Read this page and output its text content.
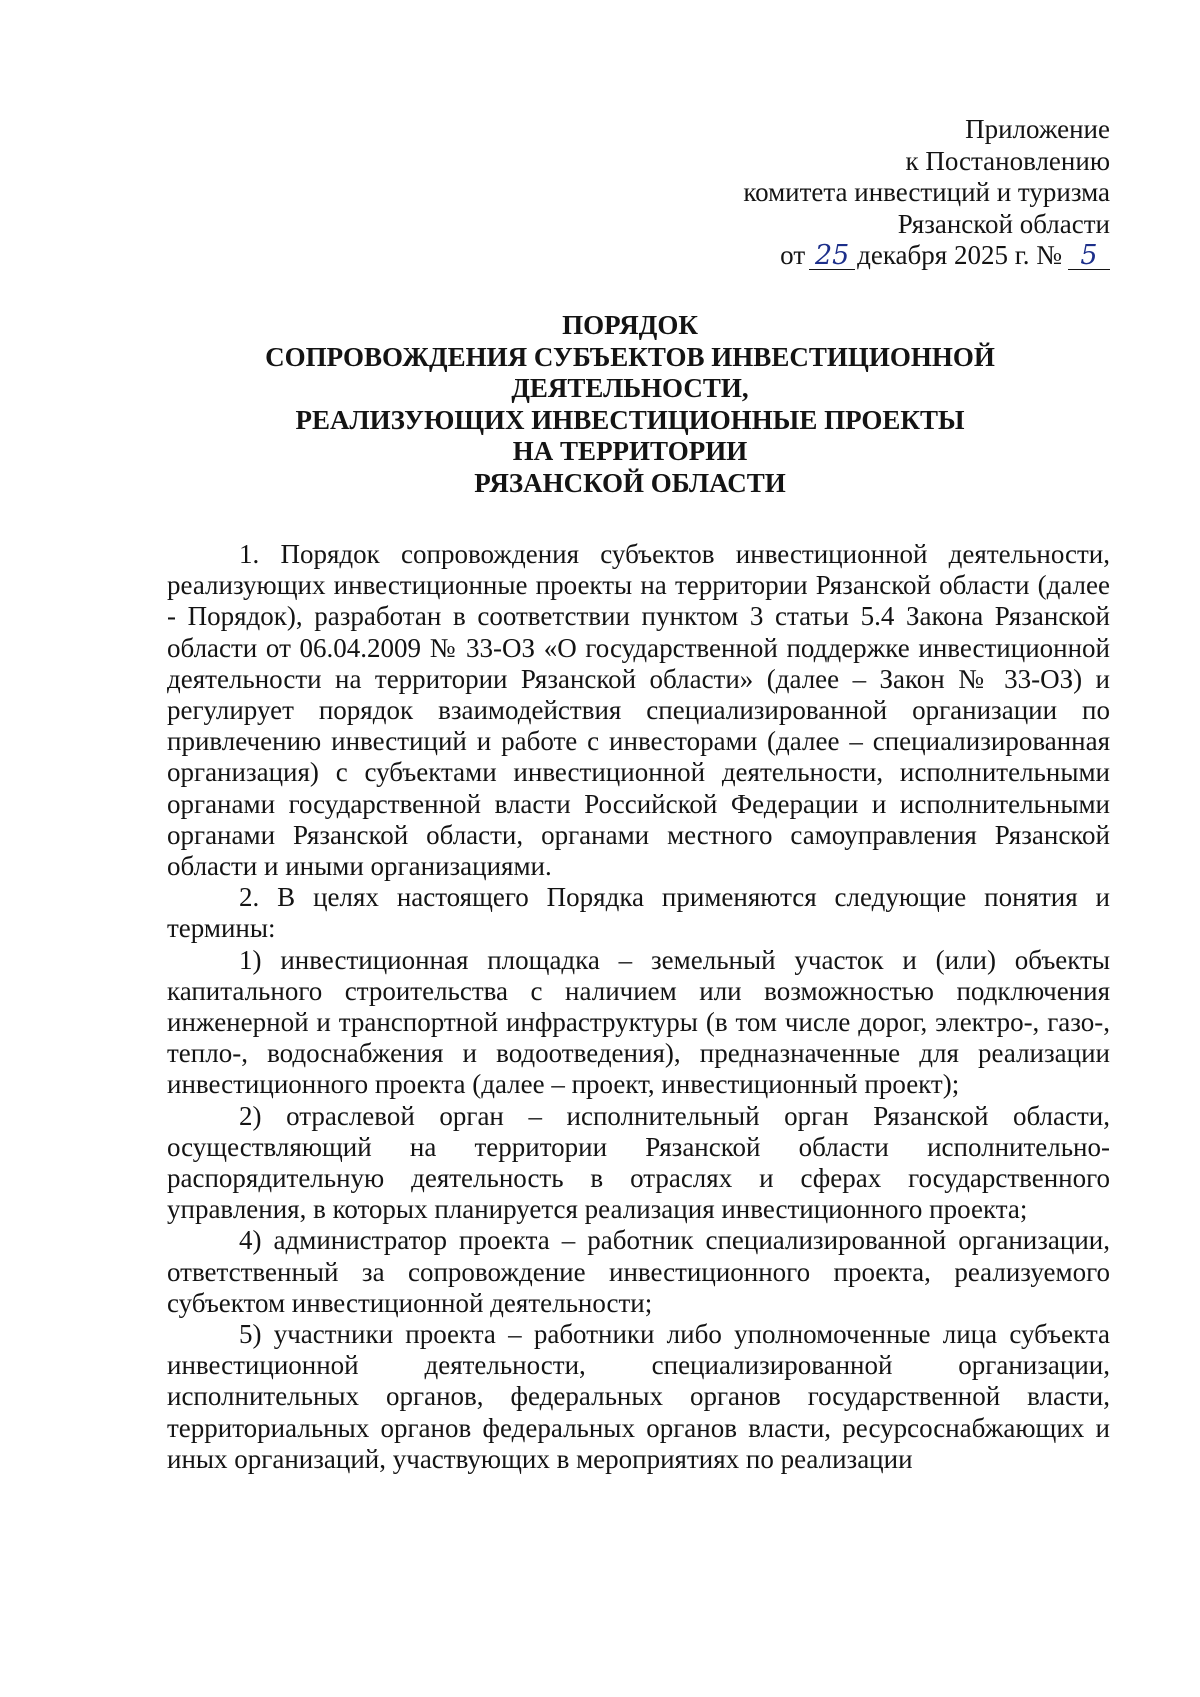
Приложение
к Постановлению
комитета инвестиций и туризма
Рязанской области
от 25 декабря 2025 г. № 5
ПОРЯДОК
СОПРОВОЖДЕНИЯ СУБЪЕКТОВ ИНВЕСТИЦИОННОЙ
ДЕЯТЕЛЬНОСТИ,
РЕАЛИЗУЮЩИХ ИНВЕСТИЦИОННЫЕ ПРОЕКТЫ
НА ТЕРРИТОРИИ
РЯЗАНСКОЙ ОБЛАСТИ

1. Порядок сопровождения субъектов инвестиционной деятельности, реализующих инвестиционные проекты на территории Рязанской области (далее - Порядок), разработан в соответствии пунктом 3 статьи 5.4 Закона Рязанской области от 06.04.2009 № 33-ОЗ «О государственной поддержке инвестиционной деятельности на территории Рязанской области» (далее – Закон № 33-ОЗ) и регулирует порядок взаимодействия специализированной организации по привлечению инвестиций и работе с инвесторами (далее – специализированная организация) с субъектами инвестиционной деятельности, исполнительными органами государственной власти Российской Федерации и исполнительными органами Рязанской области, органами местного самоуправления Рязанской области и иными организациями.

2. В целях настоящего Порядка применяются следующие понятия и термины:

1) инвестиционная площадка – земельный участок и (или) объекты капитального строительства с наличием или возможностью подключения инженерной и транспортной инфраструктуры (в том числе дорог, электро-, газо-, тепло-, водоснабжения и водоотведения), предназначенные для реализации инвестиционного проекта (далее – проект, инвестиционный проект);

2) отраслевой орган – исполнительный орган Рязанской области, осуществляющий на территории Рязанской области исполнительно-распорядительную деятельность в отраслях и сферах государственного управления, в которых планируется реализация инвестиционного проекта;

4) администратор проекта – работник специализированной организации, ответственный за сопровождение инвестиционного проекта, реализуемого субъектом инвестиционной деятельности;

5) участники проекта – работники либо уполномоченные лица субъекта инвестиционной деятельности, специализированной организации, исполнительных органов, федеральных органов государственной власти, территориальных органов федеральных органов власти, ресурсоснабжающих и иных организаций, участвующих в мероприятиях по реализации
